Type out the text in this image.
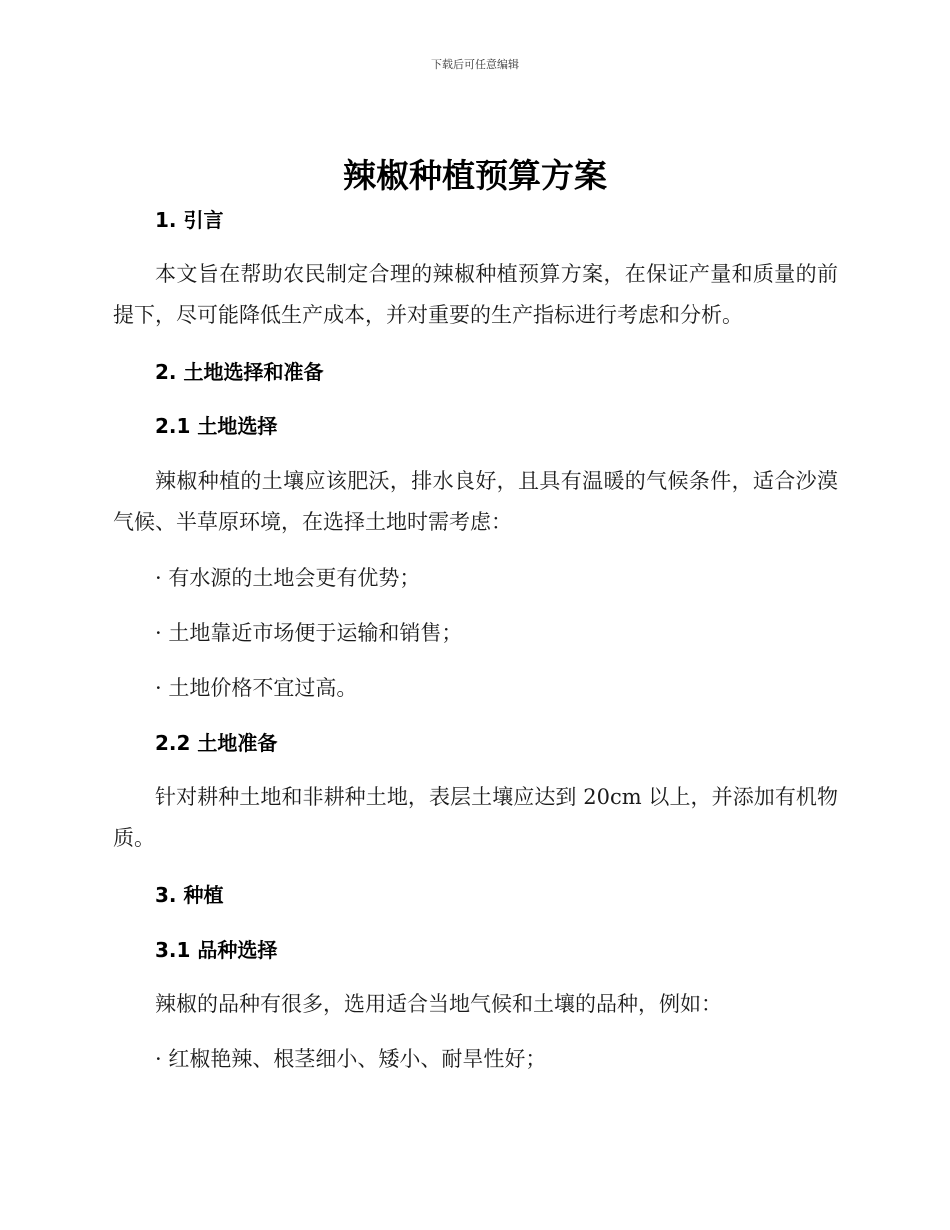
下载后可任意编辑
辣椒种植预算方案

1. 引言

本文旨在帮助农民制定合理的辣椒种植预算方案，在保证产量和质量的前提下，尽可能降低生产成本，并对重要的生产指标进行考虑和分析。

2. 土地选择和准备

2.1 土地选择

辣椒种植的土壤应该肥沃，排水良好，且具有温暖的气候条件，适合沙漠气候、半草原环境，在选择土地时需考虑：

· 有水源的土地会更有优势；

· 土地靠近市场便于运输和销售；

· 土地价格不宜过高。

2.2 土地准备

针对耕种土地和非耕种土地，表层土壤应达到 20cm 以上，并添加有机物质。

3. 种植

3.1 品种选择

辣椒的品种有很多，选用适合当地气候和土壤的品种，例如：

· 红椒艳辣、根茎细小、矮小、耐旱性好；
